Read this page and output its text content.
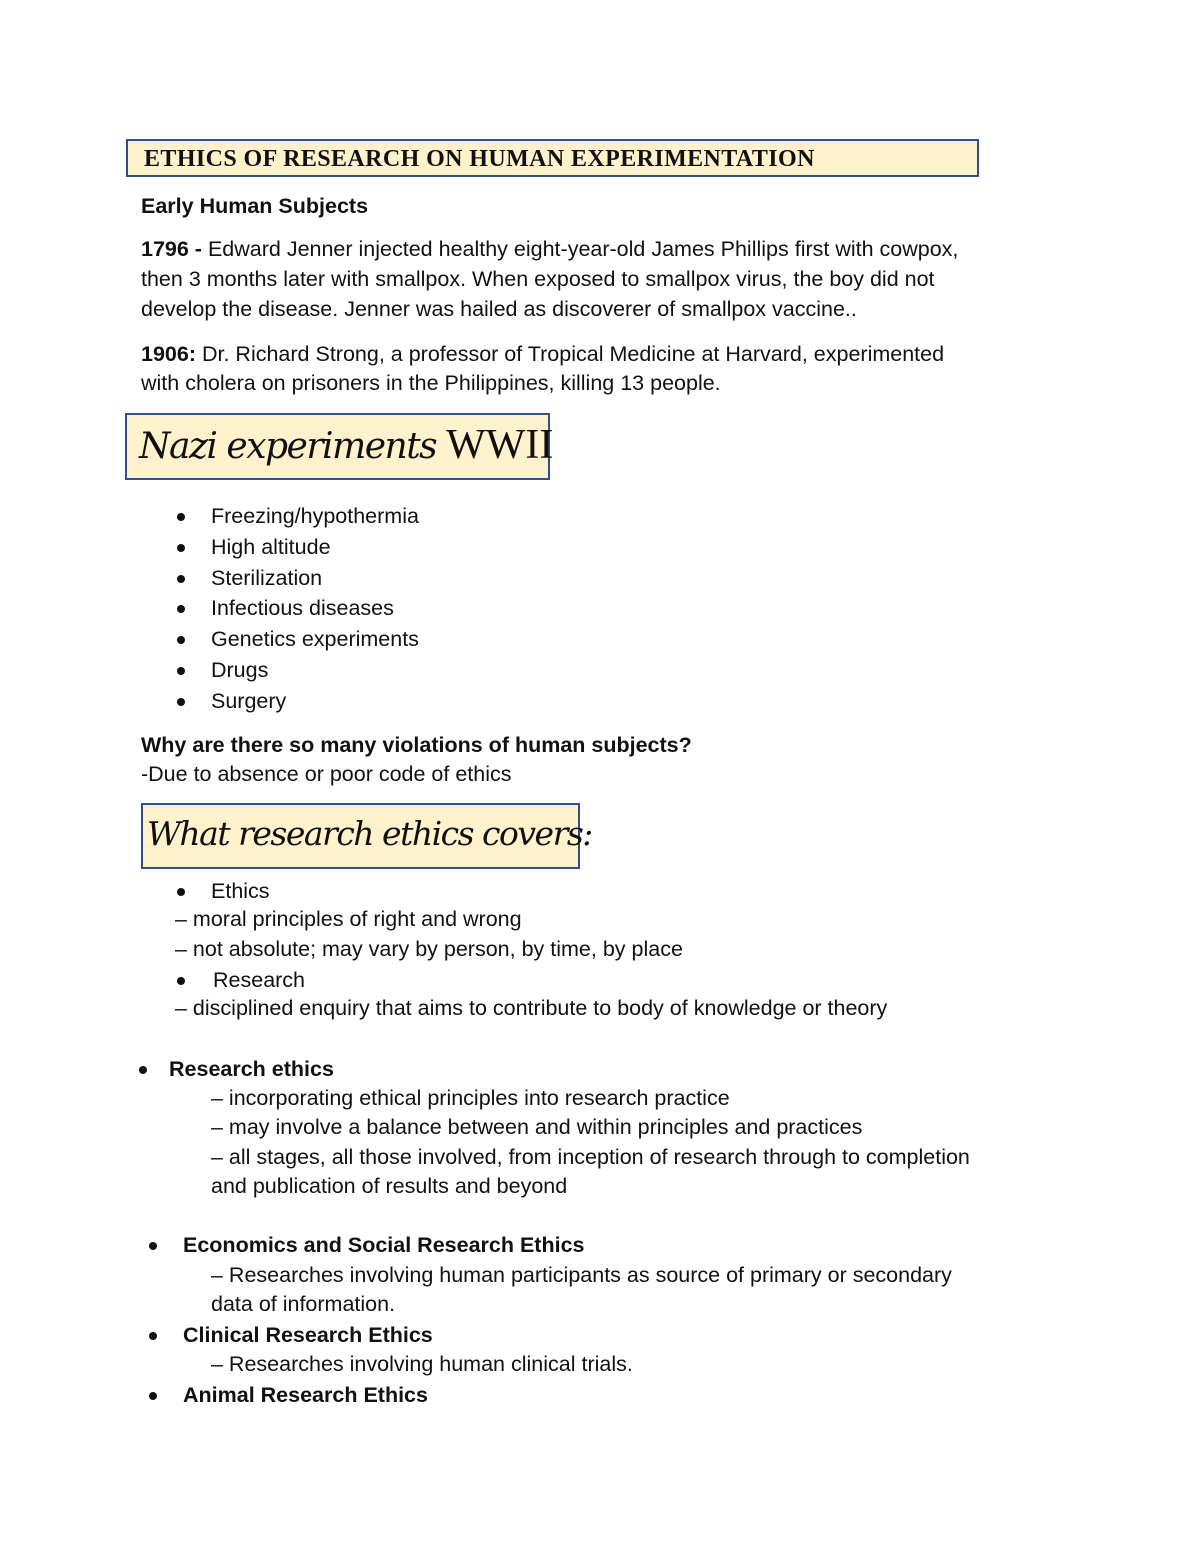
ETHICS OF RESEARCH ON HUMAN EXPERIMENTATION
Early Human Subjects
1796 - Edward Jenner injected healthy eight-year-old James Phillips first with cowpox,
then 3 months later with smallpox. When exposed to smallpox virus, the boy did not
develop the disease. Jenner was hailed as discoverer of smallpox vaccine..
1906: Dr. Richard Strong, a professor of Tropical Medicine at Harvard, experimented
with cholera on prisoners in the Philippines, killing 13 people.
Nazi experiments WWII
Freezing/hypothermia
High altitude
Sterilization
Infectious diseases
Genetics experiments
Drugs
Surgery
Why are there so many violations of human subjects?
-Due to absence or poor code of ethics
What research ethics covers:
Ethics
– moral principles of right and wrong
– not absolute; may vary by person, by time, by place
Research
– disciplined enquiry that aims to contribute to body of knowledge or theory
Research ethics
– incorporating ethical principles into research practice
– may involve a balance between and within principles and practices
– all stages, all those involved, from inception of research through to completion
and publication of results and beyond
Economics and Social Research Ethics
– Researches involving human participants as source of primary or secondary
data of information.
Clinical Research Ethics
– Researches involving human clinical trials.
Animal Research Ethics
